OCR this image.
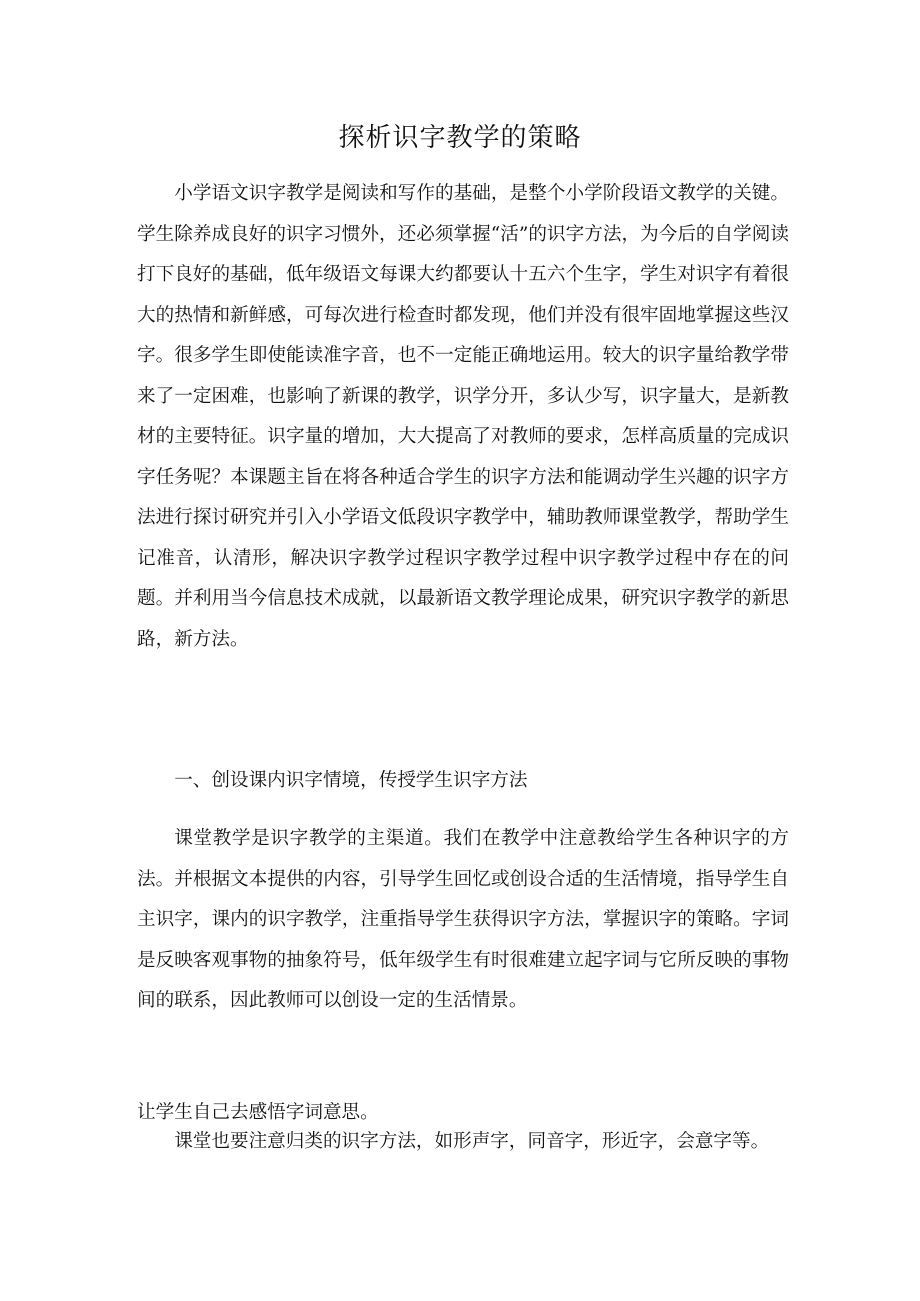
探析识字教学的策略

小学语文识字教学是阅读和写作的基础，是整个小学阶段语文教学的关键。学生除养成良好的识字习惯外，还必须掌握“活”的识字方法，为今后的自学阅读打下良好的基础，低年级语文每课大约都要认十五六个生字，学生对识字有着很大的热情和新鲜感，可每次进行检查时都发现，他们并没有很牢固地掌握这些汉字。很多学生即使能读准字音，也不一定能正确地运用。较大的识字量给教学带来了一定困难，也影响了新课的教学，识学分开，多认少写，识字量大，是新教材的主要特征。识字量的增加，大大提高了对教师的要求，怎样高质量的完成识字任务呢？本课题主旨在将各种适合学生的识字方法和能调动学生兴趣的识字方法进行探讨研究并引入小学语文低段识字教学中，辅助教师课堂教学，帮助学生记准音，认清形，解决识字教学过程识字教学过程中识字教学过程中存在的问题。并利用当今信息技术成就，以最新语文教学理论成果，研究识字教学的新思路，新方法。

一、创设课内识字情境，传授学生识字方法

课堂教学是识字教学的主渠道。我们在教学中注意教给学生各种识字的方法。并根据文本提供的内容，引导学生回忆或创设合适的生活情境，指导学生自主识字，课内的识字教学，注重指导学生获得识字方法，掌握识字的策略。字词是反映客观事物的抽象符号，低年级学生有时很难建立起字词与它所反映的事物间的联系，因此教师可以创设一定的生活情景。

让学生自己去感悟字词意思。

课堂也要注意归类的识字方法，如形声字，同音字，形近字，会意字等。
